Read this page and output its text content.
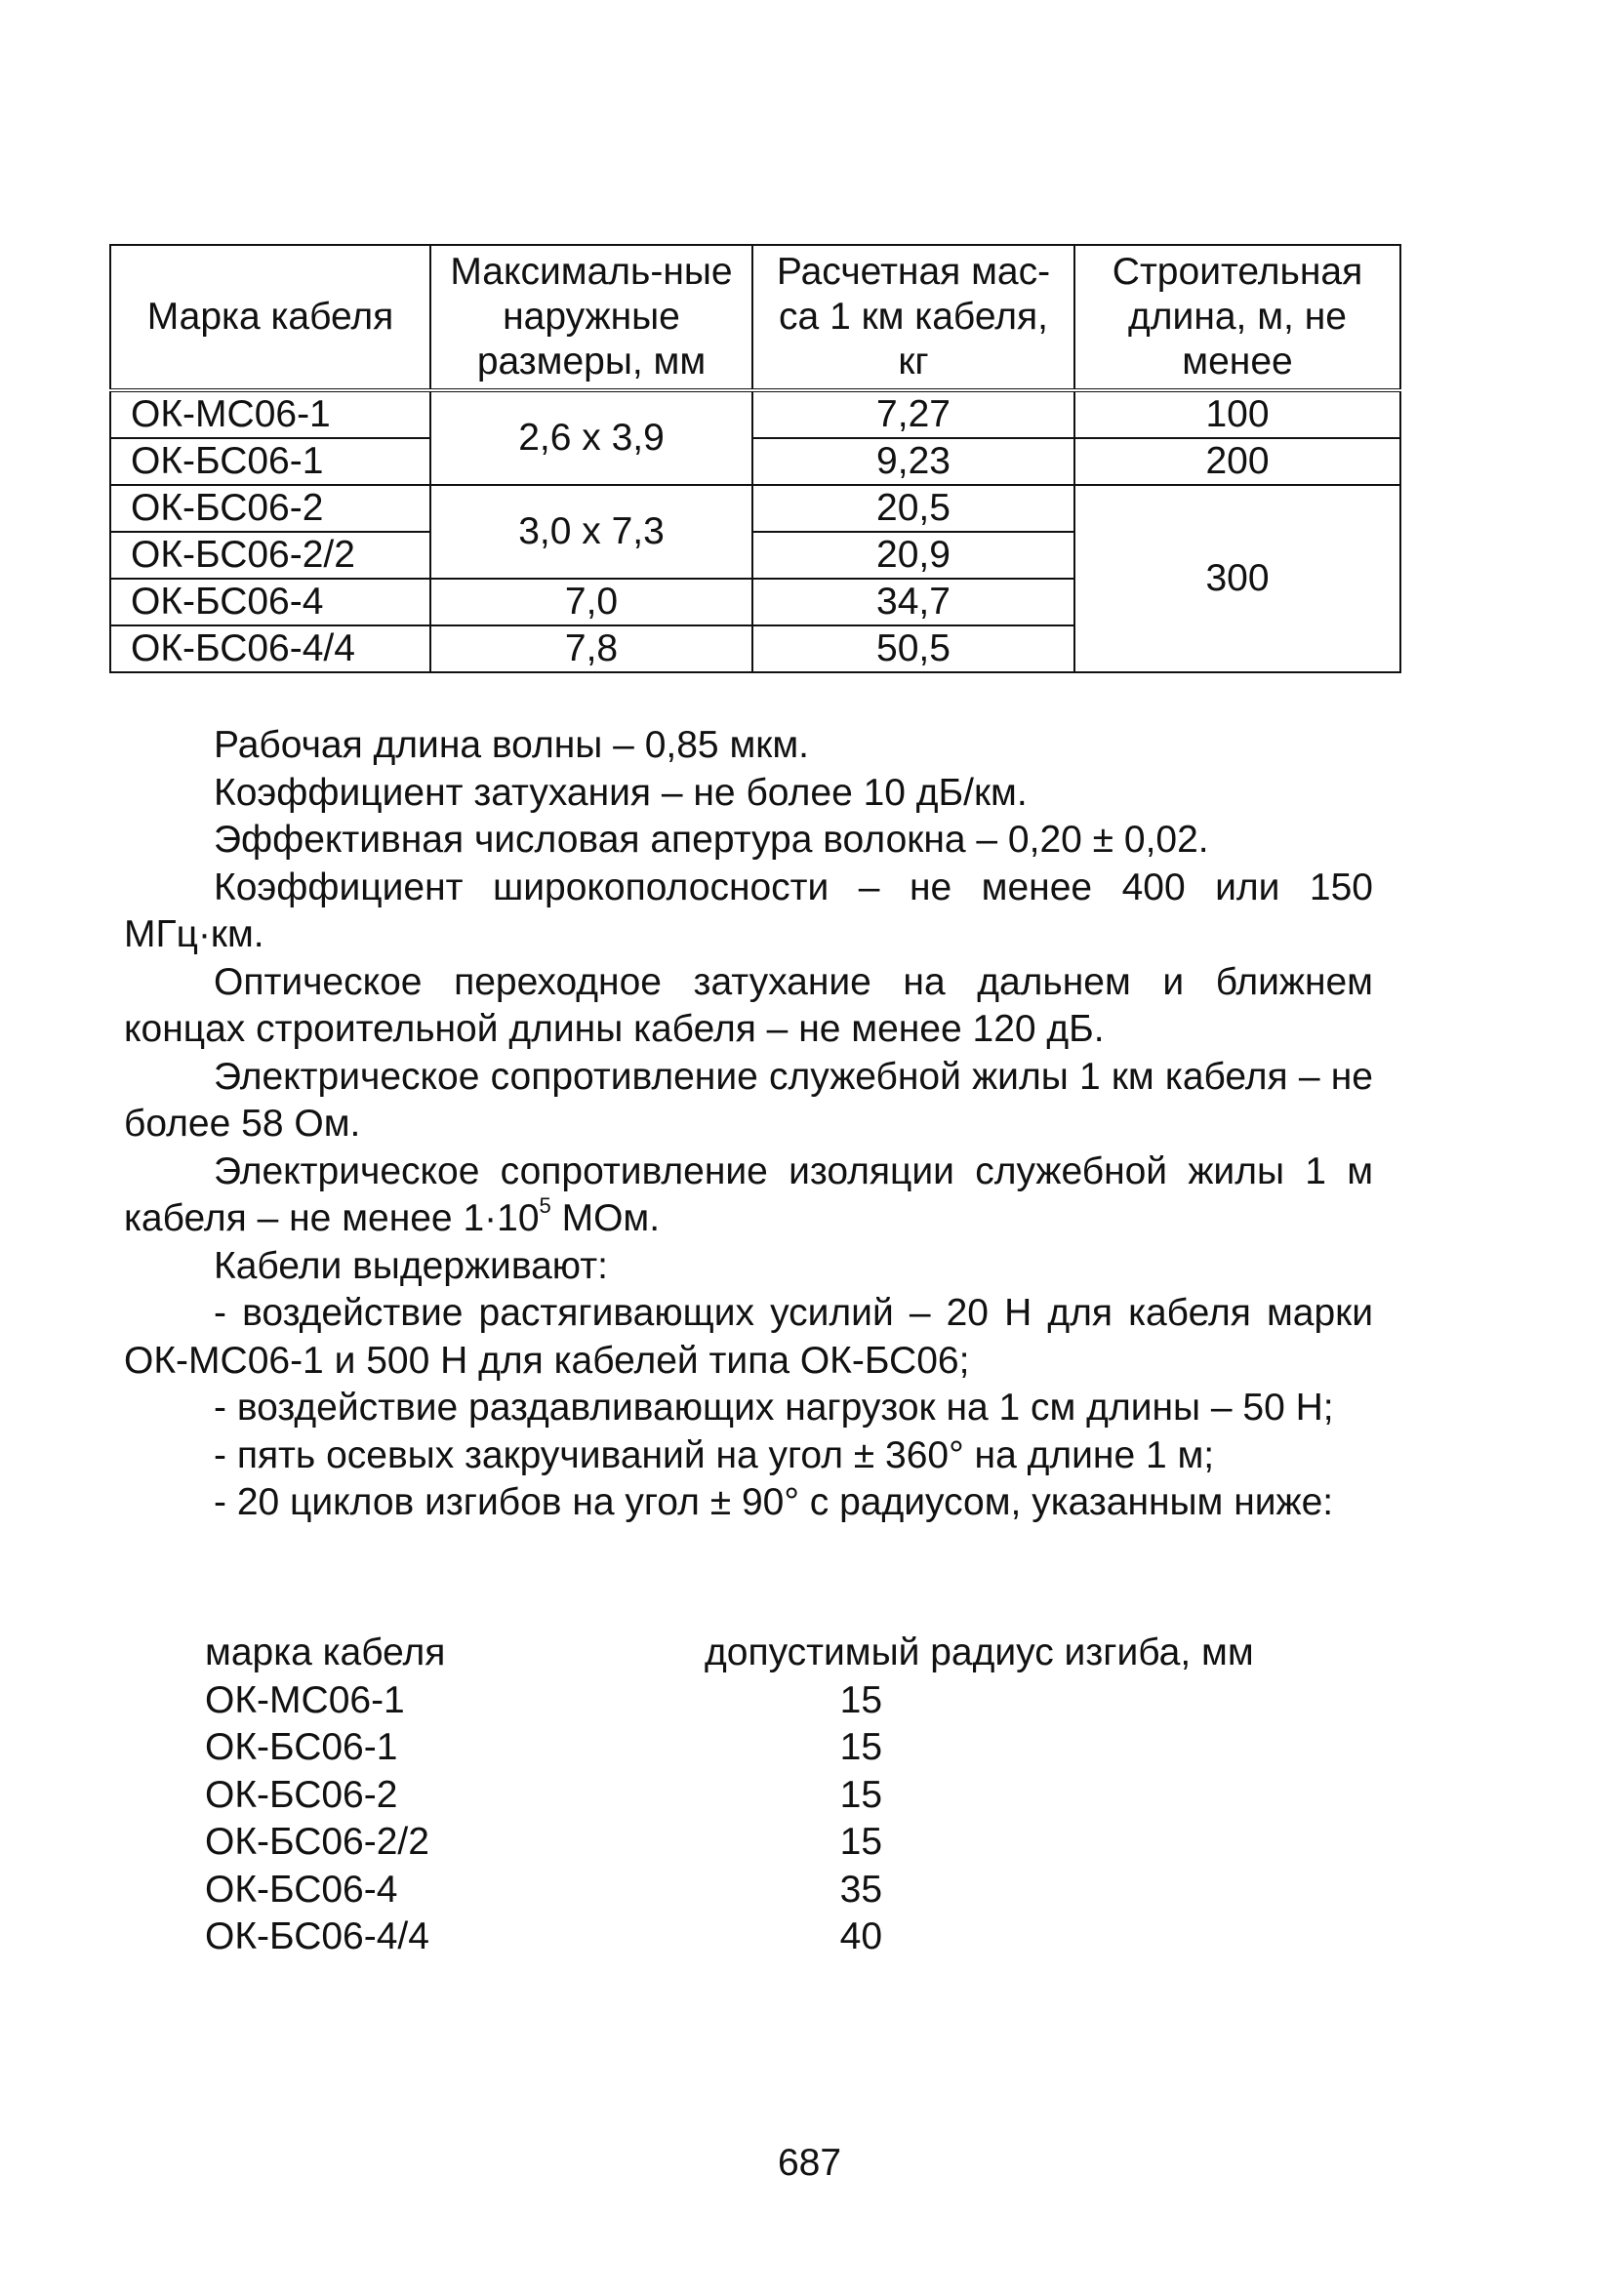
Марка кабеля	Максималь-ные наружные размеры, мм	Расчетная мас-са 1 км кабеля, кг	Строительная длина, м, не менее
ОК-МС06-1	2,6 х 3,9	7,27	100
ОК-БС06-1		9,23	200
ОК-БС06-2	3,0 х 7,3	20,5	300
ОК-БС06-2/2		20,9	
ОК-БС06-4	7,0	34,7	
ОК-БС06-4/4	7,8	50,5	

Рабочая длина волны – 0,85 мкм.

Коэффициент затухания – не более 10 дБ/км.

Эффективная числовая апертура волокна – 0,20 ± 0,02.

Коэффициент широкополосности – не менее 400 или 150 МГц·км.

Оптическое переходное затухание на дальнем и ближнем концах строительной длины кабеля – не менее 120 дБ.

Электрическое сопротивление служебной жилы 1 км кабеля – не более 58 Ом.

Электрическое сопротивление изоляции служебной жилы 1 м кабеля – не менее $1\cdot 10^5$ МОм.

Кабели выдерживают:

- воздействие растягивающих усилий – 20 Н для кабеля марки ОК-МС06-1 и 500 Н для кабелей типа ОК-БС06;

- воздействие раздавливающих нагрузок на 1 см длины – 50 Н;

- пять осевых закручиваний на угол ± 360° на длине 1 м;

- 20 циклов изгибов на угол ± 90° с радиусом, указанным ниже:

марка кабеля	допустимый радиус изгиба, мм
ОК-МС06-1	15
ОК-БС06-1	15
ОК-БС06-2	15
ОК-БС06-2/2	15
ОК-БС06-4	35
ОК-БС06-4/4	40
687
